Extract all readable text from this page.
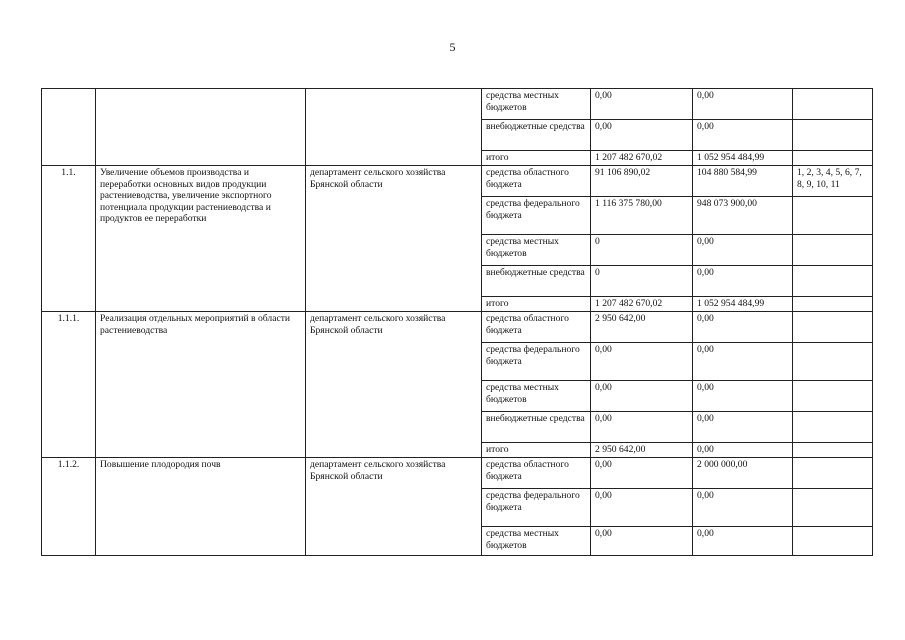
5
			средства местных бюджетов	0,00	0,00	
			внебюджетные средства	0,00	0,00	
			итого	1 207 482 670,02	1 052 954 484,99	
1.1.	Увеличение объемов производства и переработки основных видов продукции растениеводства, увеличение экспортного потенциала продукции растениеводства и продуктов ее переработки	департамент сельского хозяйства Брянской области	средства областного бюджета	91 106 890,02	104 880 584,99	1, 2, 3, 4, 5, 6, 7, 8, 9, 10, 11
			средства федерального бюджета	1 116 375 780,00	948 073 900,00	
			средства местных бюджетов	0	0,00	
			внебюджетные средства	0	0,00	
			итого	1 207 482 670,02	1 052 954 484,99	
1.1.1.	Реализация отдельных мероприятий в области растениеводства	департамент сельского хозяйства Брянской области	средства областного бюджета	2 950 642,00	0,00	
			средства федерального бюджета	0,00	0,00	
			средства местных бюджетов	0,00	0,00	
			внебюджетные средства	0,00	0,00	
			итого	2 950 642,00	0,00	
1.1.2.	Повышение плодородия почв	департамент сельского хозяйства Брянской области	средства областного бюджета	0,00	2 000 000,00	
			средства федерального бюджета	0,00	0,00	
			средства местных бюджетов	0,00	0,00	
